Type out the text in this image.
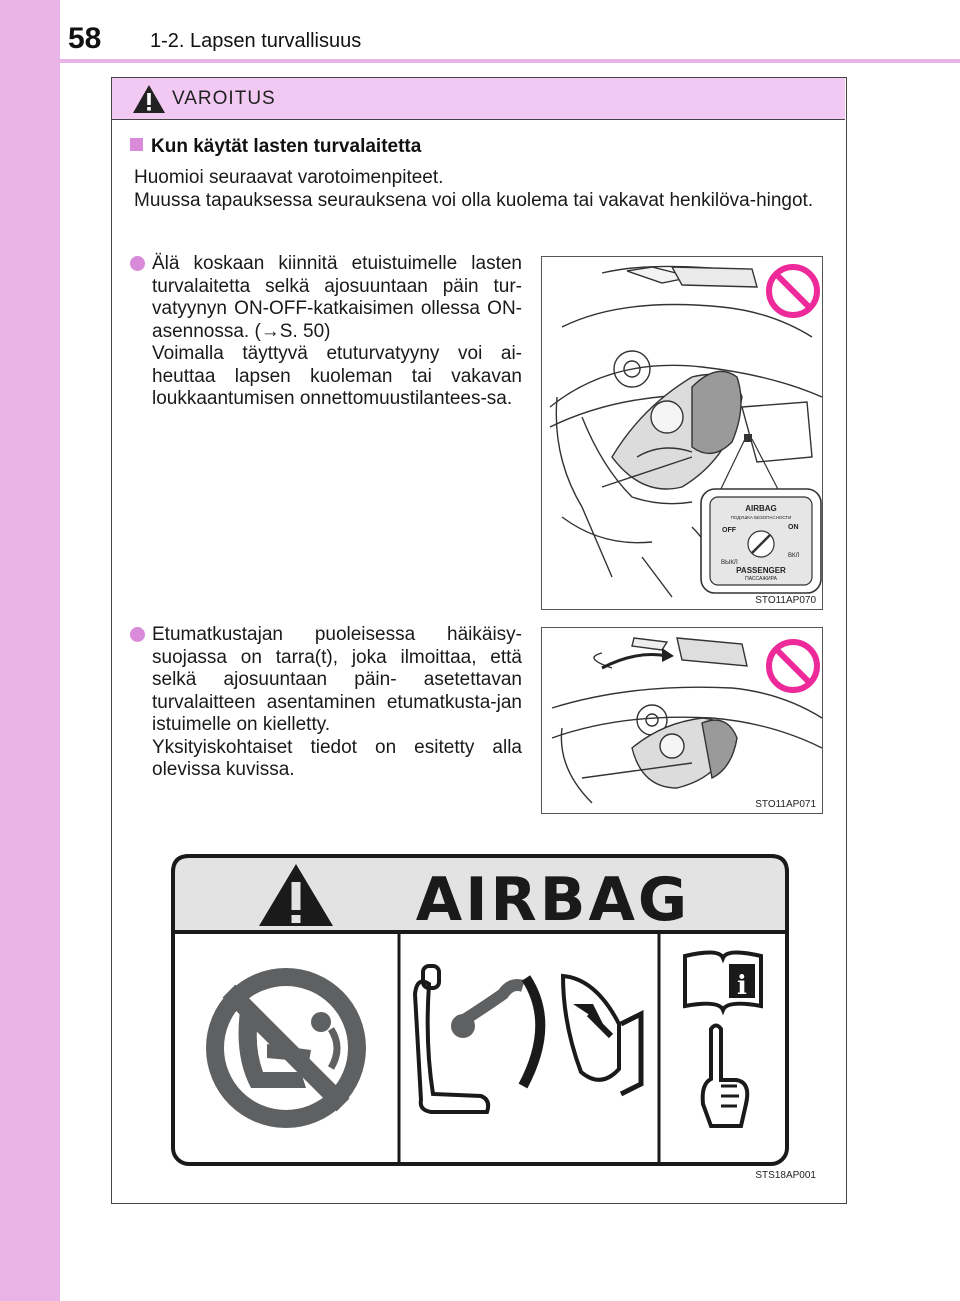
58 1-2. Lapsen turvallisuus
VAROITUS
Kun käytät lasten turvalaitetta
Huomioi seuraavat varotoimenpiteet.
Muussa tapauksessa seurauksena voi olla kuolema tai vakavat henkilöva-hingot.

Älä koskaan kiinnitä etuistuimelle lasten turvalaitetta selkä ajosuuntaan päin tur-vatyynyn ON-OFF-katkaisimen ollessa ON-asennossa. (→S. 50)

Voimalla täyttyvä etuturvatyyny voi ai-heuttaa lapsen kuoleman tai vakavan loukkaantumisen onnettomuustilantees-sa.

AIRBAG
ПОДУШКА БЕЗОПАСНОСТИ
OFF	ON
ВЫКЛ
ВКЛ
PASSENGER
ПАССАЖИРА
STO11AP070

Etumatkustajan puoleisessa häikäisy-suojassa on tarra(t), joka ilmoittaa, että selkä ajosuuntaan päin- asetettavan turvalaitteen asentaminen etumatkusta-jan istuimelle on kielletty.

Yksityiskohtaiset tiedot on esitetty alla olevissa kuvissa.

STO11AP071
AIRBAG
i
STS18AP001
